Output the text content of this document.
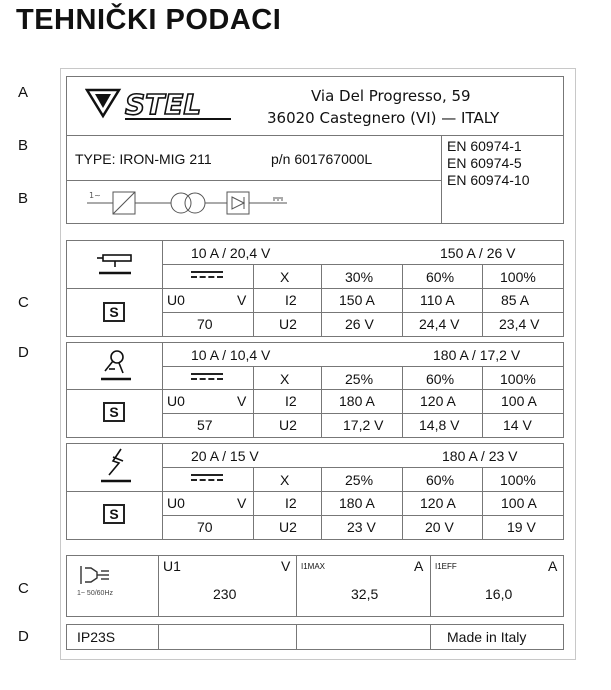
TEHNIČKI PODACI
A
B
B
C
D
C
D
STEL	Via Del Progresso, 59
36020 Castegnero (VI) — ITALY
TYPE: IRON-MIG 211	p/n 601767000L
EN 60974-1
EN 60974-5
EN 60974-10
1~
S
10 A / 20,4 V	150 A / 26 V
X	30%	60%	100%
U0	V	I2	150 A	110 A	85 A
70	U2	26 V	24,4 V	23,4 V
S
10 A / 10,4 V	180 A / 17,2 V
X	25%	60%	100%
U0	V	I2	180 A	120 A	100 A
57	U2	17,2 V	14,8 V	14 V
S
20 A / 15 V	180 A / 23 V
X	25%	60%	100%
U0	V	I2	180 A	120 A	100 A
70	U2	23 V	20 V	19 V
1~ 50/60Hz
U1	V
230
I1MAX	A
32,5
I1EFF	A
16,0
IP23S	Made in Italy
